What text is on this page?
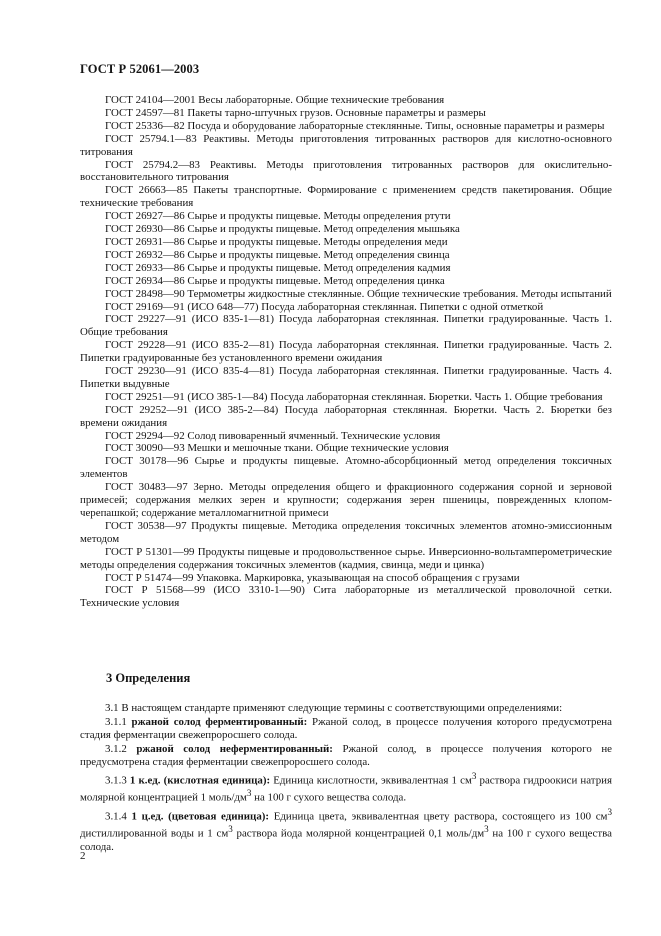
ГОСТ Р 52061—2003

ГОСТ 24104—2001 Весы лабораторные. Общие технические требования

ГОСТ 24597—81 Пакеты тарно-штучных грузов. Основные параметры и размеры

ГОСТ 25336—82 Посуда и оборудование лабораторные стеклянные. Типы, основные параметры и размеры

ГОСТ 25794.1—83 Реактивы. Методы приготовления титрованных растворов для кислотно-основного титрования

ГОСТ 25794.2—83 Реактивы. Методы приготовления титрованных растворов для окислительно-восстановительного титрования

ГОСТ 26663—85 Пакеты транспортные. Формирование с применением средств пакетирования. Общие технические требования

ГОСТ 26927—86 Сырье и продукты пищевые. Методы определения ртути

ГОСТ 26930—86 Сырье и продукты пищевые. Метод определения мышьяка

ГОСТ 26931—86 Сырье и продукты пищевые. Методы определения меди

ГОСТ 26932—86 Сырье и продукты пищевые. Метод определения свинца

ГОСТ 26933—86 Сырье и продукты пищевые. Метод определения кадмия

ГОСТ 26934—86 Сырье и продукты пищевые. Метод определения цинка

ГОСТ 28498—90 Термометры жидкостные стеклянные. Общие технические требования. Методы испытаний

ГОСТ 29169—91 (ИСО 648—77) Посуда лабораторная стеклянная. Пипетки с одной отметкой

ГОСТ 29227—91 (ИСО 835-1—81) Посуда лабораторная стеклянная. Пипетки градуированные. Часть 1. Общие требования

ГОСТ 29228—91 (ИСО 835-2—81) Посуда лабораторная стеклянная. Пипетки градуированные. Часть 2. Пипетки градуированные без установленного времени ожидания

ГОСТ 29230—91 (ИСО 835-4—81) Посуда лабораторная стеклянная. Пипетки градуированные. Часть 4. Пипетки выдувные

ГОСТ 29251—91 (ИСО 385-1—84) Посуда лабораторная стеклянная. Бюретки. Часть 1. Общие требования

ГОСТ 29252—91 (ИСО 385-2—84) Посуда лабораторная стеклянная. Бюретки. Часть 2. Бюретки без времени ожидания

ГОСТ 29294—92 Солод пивоваренный ячменный. Технические условия

ГОСТ 30090—93 Мешки и мешочные ткани. Общие технические условия

ГОСТ 30178—96 Сырье и продукты пищевые. Атомно-абсорбционный метод определения токсичных элементов

ГОСТ 30483—97 Зерно. Методы определения общего и фракционного содержания сорной и зерновой примесей; содержания мелких зерен и крупности; содержания зерен пшеницы, поврежденных клопом-черепашкой; содержание металломагнитной примеси

ГОСТ 30538—97 Продукты пищевые. Методика определения токсичных элементов атомно-эмиссионным методом

ГОСТ Р 51301—99 Продукты пищевые и продовольственное сырье. Инверсионно-вольтамперометрические методы определения содержания токсичных элементов (кадмия, свинца, меди и цинка)

ГОСТ Р 51474—99 Упаковка. Маркировка, указывающая на способ обращения с грузами

ГОСТ Р 51568—99 (ИСО 3310-1—90) Сита лабораторные из металлической проволочной сетки. Технические условия

3 Определения

3.1 В настоящем стандарте применяют следующие термины с соответствующими определениями:

3.1.1 ржаной солод ферментированный: Ржаной солод, в процессе получения которого предусмотрена стадия ферментации свежепроросшего солода.

3.1.2 ржаной солод неферментированный: Ржаной солод, в процессе получения которого не предусмотрена стадия ферментации свежепроросшего солода.

3.1.3 1 к.ед. (кислотная единица): Единица кислотности, эквивалентная 1 $см^3$ раствора гидроокиси натрия молярной концентрацией 1 моль/$дм^3$ на 100 г сухого вещества солода.

3.1.4 1 ц.ед. (цветовая единица): Единица цвета, эквивалентная цвету раствора, состоящего из 100 $см^3$ дистиллированной воды и 1 $см^3$ раствора йода молярной концентрацией 0,1 моль/$дм^3$ на 100 г сухого вещества солода.

2
